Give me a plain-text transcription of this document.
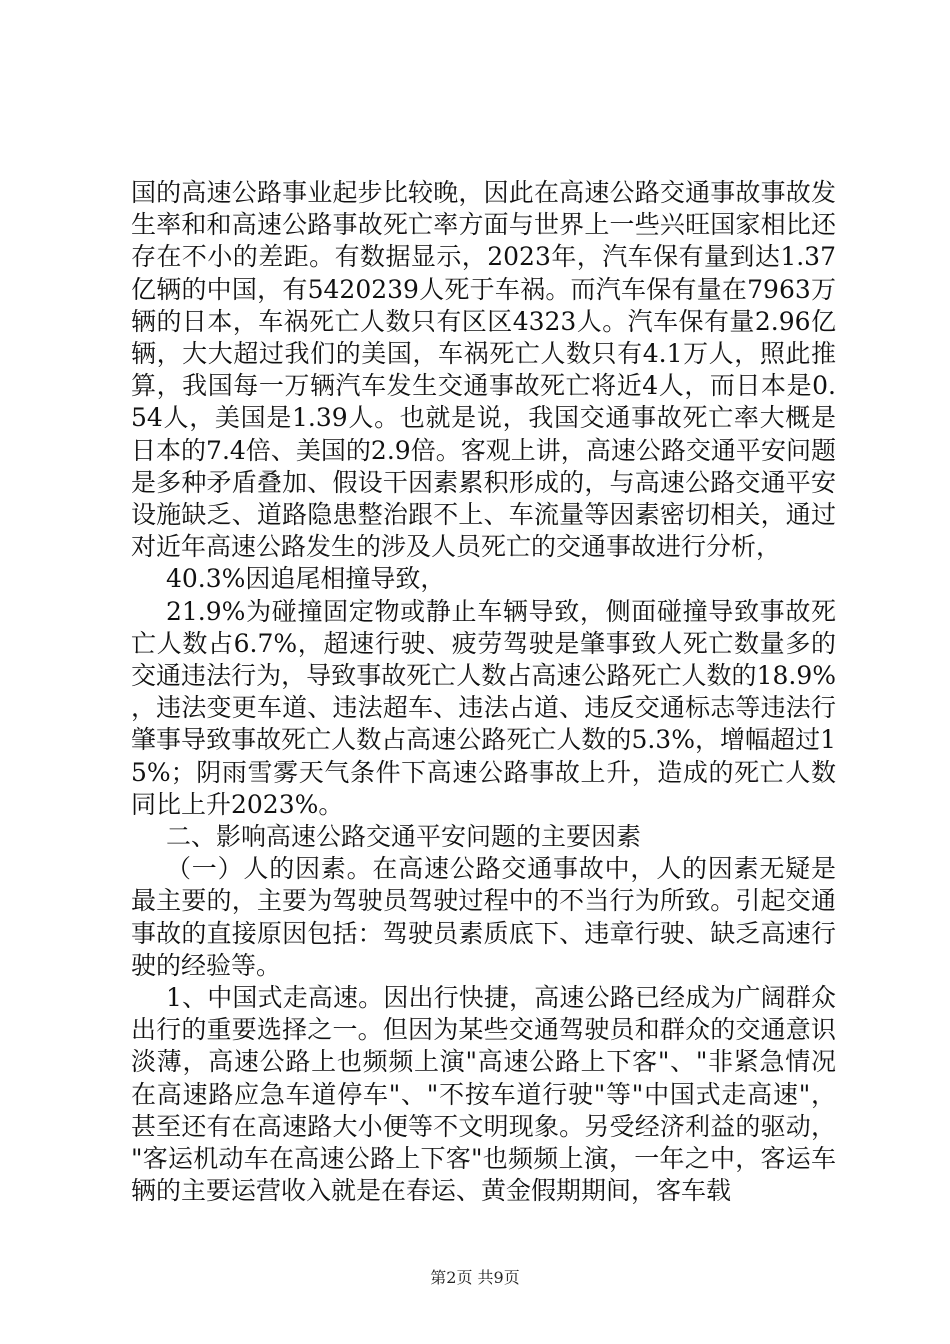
国的高速公路事业起步比较晚，因此在高速公路交通事故事故发生率和和高速公路事故死亡率方面与世界上一些兴旺国家相比还存在不小的差距。有数据显示，2023年，汽车保有量到达1.37亿辆的中国，有5420239人死于车祸。而汽车保有量在7963万辆的日本，车祸死亡人数只有区区4323人。汽车保有量2.96亿辆，大大超过我们的美国，车祸死亡人数只有4.1万人，照此推算，我国每一万辆汽车发生交通事故死亡将近4人，而日本是0.54人，美国是1.39人。也就是说，我国交通事故死亡率大概是日本的7.4倍、美国的2.9倍。客观上讲，高速公路交通平安问题是多种矛盾叠加、假设干因素累积形成的，与高速公路交通平安设施缺乏、道路隐患整治跟不上、车流量等因素密切相关，通过对近年高速公路发生的涉及人员死亡的交通事故进行分析，

40.3%因追尾相撞导致，

21.9%为碰撞固定物或静止车辆导致，侧面碰撞导致事故死亡人数占6.7%，超速行驶、疲劳驾驶是肇事致人死亡数量多的交通违法行为，导致事故死亡人数占高速公路死亡人数的18.9%，违法变更车道、违法超车、违法占道、违反交通标志等违法行肇事导致事故死亡人数占高速公路死亡人数的5.3%，增幅超过15%；阴雨雪雾天气条件下高速公路事故上升，造成的死亡人数同比上升2023%。

二、影响高速公路交通平安问题的主要因素

（一）人的因素。在高速公路交通事故中，人的因素无疑是最主要的，主要为驾驶员驾驶过程中的不当行为所致。引起交通事故的直接原因包括：驾驶员素质底下、违章行驶、缺乏高速行驶的经验等。

1、中国式走高速。因出行快捷，高速公路已经成为广阔群众出行的重要选择之一。但因为某些交通驾驶员和群众的交通意识淡薄，高速公路上也频频上演"高速公路上下客"、"非紧急情况在高速路应急车道停车"、"不按车道行驶"等"中国式走高速"，甚至还有在高速路大小便等不文明现象。另受经济利益的驱动，"客运机动车在高速公路上下客"也频频上演，一年之中，客运车辆的主要运营收入就是在春运、黄金假期期间，客车载

第2页 共9页
